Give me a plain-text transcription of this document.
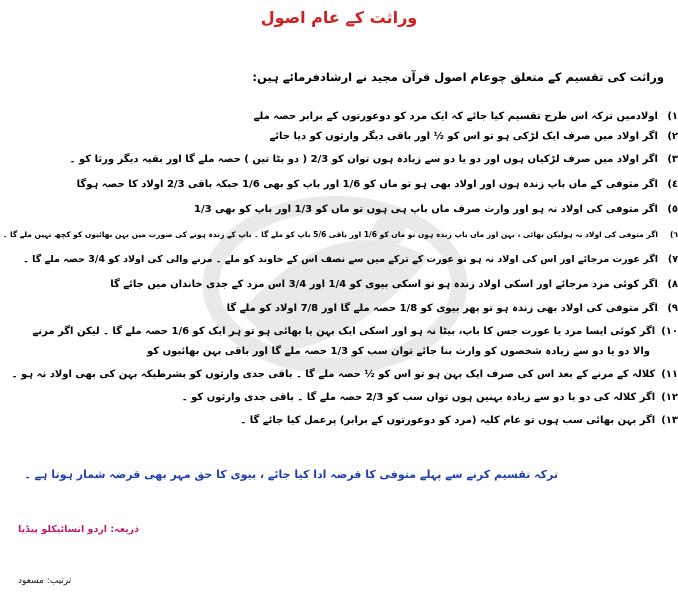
وراثت کے عام اصول
وراثت کی تقسیم کے متعلق چوعام اصول قرآن مجید نے ارشادفرمائے ہیں:
١)اولادمیں ترکہ اس طرح تقسیم کیا جائے کہ ایک مرد کو دوعورتوں کے برابر حصہ ملے
٢)اگر اولاد میں صرف ایک لڑکی ہو تو اس کو ½ اور باقی دیگر وارثوں کو دیا جائے
٣)اگر اولاد میں صرف لڑکیاں ہوں اور دو یا دو سے زیادہ ہوں توان کو 2/3 ( دو بٹا تین ) حصہ ملے گا اور بقیہ دیگر ورثا کو ۔
٤)اگر متوفی کے ماں باپ زندہ ہوں اور اولاد بھی ہو تو ماں کو 1/6 اور باپ کو بھی 1/6 جبکہ باقی 2/3 اولاد کا حصہ ہوگا
٥)اگر متوفی کی اولاد نہ ہو اور وارث صرف ماں باپ ہی ہوں تو ماں کو 1/3 اور باپ کو بھی 1/3
٦)اگر متوفی کی اولاد نہ ہولیکن بھائی ، بہن اور ماں باپ زندہ ہوں تو ماں کو 1/6 اور باقی 5/6 باپ کو ملے گا ۔ باپ کے زندہ ہونے کی صورت میں بہن بھائیوں کو کچھ نہیں ملے گا ۔
٧)اگر عورت مرجائے اور اس کی اولاد نہ ہو تو عورت کے ترکے میں سے نصف اس کے خاوند کو ملے ۔ مرنے والی کی اولاد کو 3/4 حصہ ملے گا ۔
٨)اگر کوئی مرد مرجائے اور اسکی اولاد زندہ ہو تو اسکی بیوی کو 1/4 اور 3/4 اس مرد کے جدی خاندان میں جائے گا
٩)اگر متوفی کی اولاد بھی زندہ ہو تو پھر بیوی کو 1/8 حصہ ملے گا اور 7/8 اولاد کو ملے گا
١٠)اگر کوئی ایسا مرد یا عورت جس کا باپ، بیٹا نہ ہو اور اسکی ایک بہن یا بھائی ہو تو ہر ایک کو 1/6 حصہ ملے گا ۔ لیکن اگر مرنے
والا دو یا دو سے زیادہ شخصوں کو وارث بنا جائے توان سب کو 1/3 حصہ ملے گا اور باقی بہن بھائیوں کو
١١)کلالہ کے مرنے کے بعد اس کی صرف ایک بہن ہو تو اس کو ½ حصہ ملے گا ۔ باقی جدی وارثوں کو بشرطیکہ بہن کی بھی اولاد نہ ہو ۔
١٢)اگر کلالہ کی دو یا دو سے زیادہ بہنیں ہوں توان سب کو 2/3 حصہ ملے گا ۔ باقی جدی وارثوں کو ۔
١٣)اگر بہن بھائی سب ہوں تو عام کلیہ (مرد کو دوعورتوں کے برابر) پرعمل کیا جائے گا ۔
ترکہ تقسیم کرنے سے پہلے متوفی کا قرضہ ادا کیا جائے ، بیوی کا حق مہر بھی قرضہ شمار ہوتا ہے ۔
ذریعہ: اردو انسائیکلو پیڈیا
ترتیب: مسعود
